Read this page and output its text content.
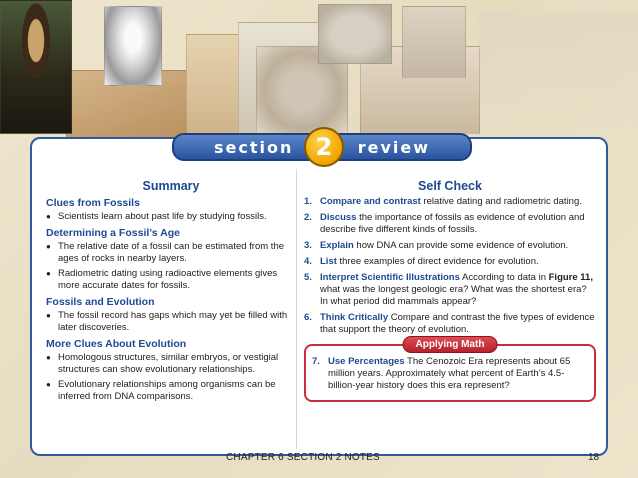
section 2	review
Summary
Clues from Fossils
● Scientists learn about past life by studying fossils.
Determining a Fossil’s Age
● The relative date of a fossil can be estimated from the ages of rocks in nearby layers.
● Radiometric dating using radioactive elements gives more accurate dates for fossils.
Fossils and Evolution
● The fossil record has gaps which may yet be filled with later discoveries.
More Clues About Evolution
● Homologous structures, similar embryos, or vestigial structures can show evolutionary relationships.
● Evolutionary relationships among organisms can be inferred from DNA comparisons.
Self Check
1. Compare and contrast relative dating and radiometric dating.
2. Discuss the importance of fossils as evidence of evolution and describe five different kinds of fossils.
3. Explain how DNA can provide some evidence of evolution.
4. List three examples of direct evidence for evolution.
5. Interpret Scientific Illustrations According to data in Figure 11, what was the longest geologic era? What was the shortest era? In what period did mammals appear?
6. Think Critically Compare and contrast the five types of evidence that support the theory of evolution.
Applying Math
7. Use Percentages The Cenozoic Era represents about 65 million years. Approximately what percent of Earth’s 4.5-billion-year history does this era represent?
CHAPTER 6 SECTION 2 NOTES	18
